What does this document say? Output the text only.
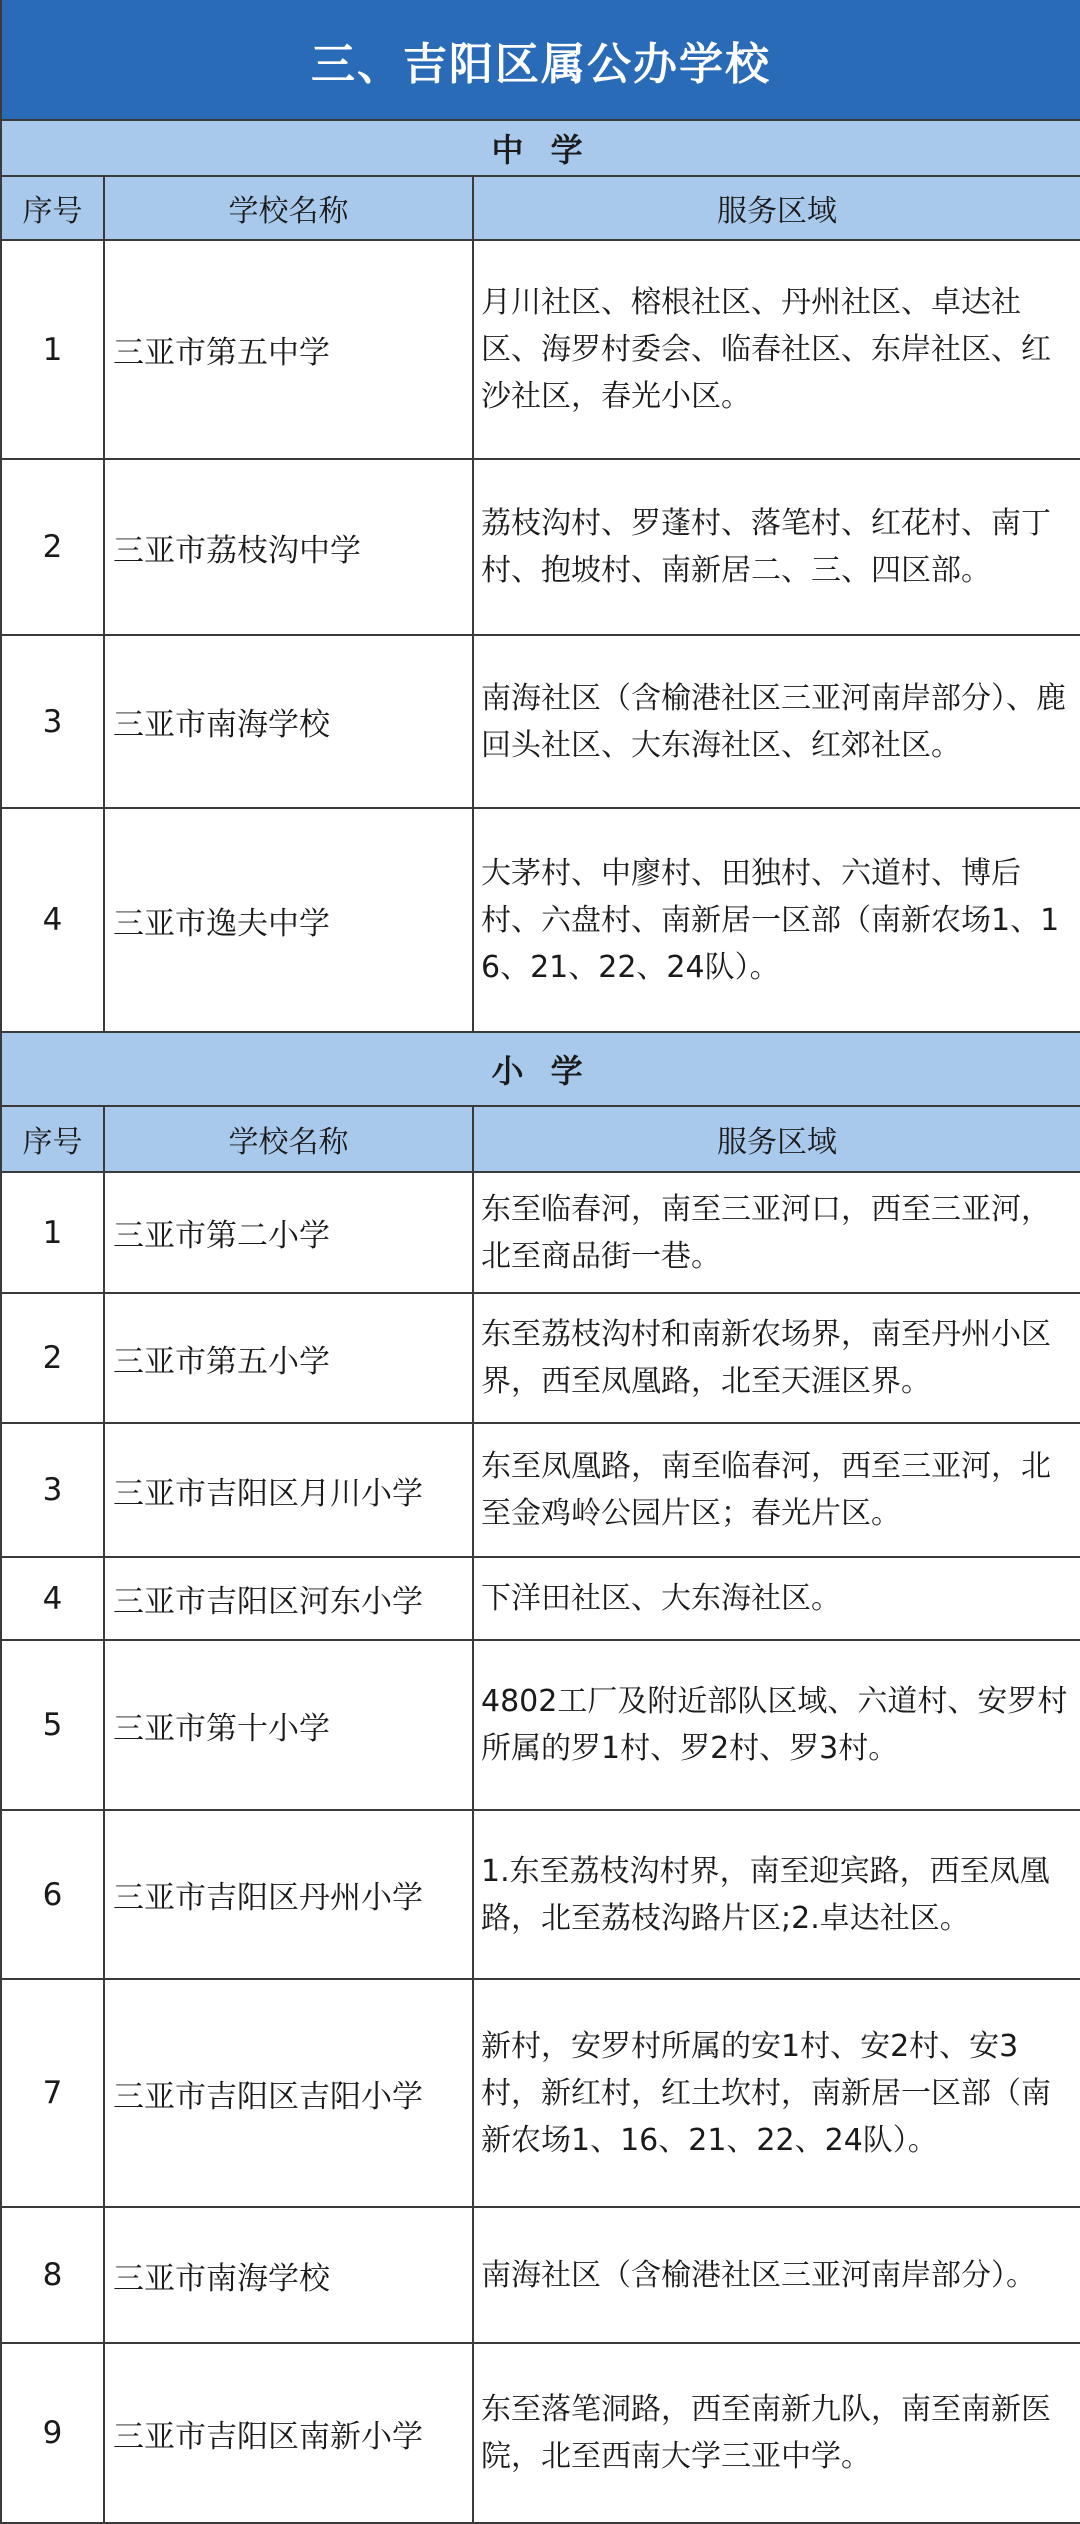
三、吉阳区属公办学校		
中 学		
序号	学校名称	服务区域
1	三亚市第五中学	月川社区、榕根社区、丹州社区、卓达社区、海罗村委会、临春社区、东岸社区、红沙社区，春光小区。
2	三亚市荔枝沟中学	荔枝沟村、罗蓬村、落笔村、红花村、南丁村、抱坡村、南新居二、三、四区部。
3	三亚市南海学校	南海社区（含榆港社区三亚河南岸部分）、鹿回头社区、大东海社区、红郊社区。
4	三亚市逸夫中学	大茅村、中廖村、田独村、六道村、博后村、六盘村、南新居一区部（南新农场1、16、21、22、24队）。
小 学		
序号	学校名称	服务区域
1	三亚市第二小学	东至临春河，南至三亚河口，西至三亚河，北至商品街一巷。
2	三亚市第五小学	东至荔枝沟村和南新农场界，南至丹州小区界，西至凤凰路，北至天涯区界。
3	三亚市吉阳区月川小学	东至凤凰路，南至临春河，西至三亚河，北至金鸡岭公园片区；春光片区。
4	三亚市吉阳区河东小学	下洋田社区、大东海社区。
5	三亚市第十小学	4802工厂及附近部队区域、六道村、安罗村所属的罗1村、罗2村、罗3村。
6	三亚市吉阳区丹州小学	1.东至荔枝沟村界，南至迎宾路，西至凤凰路，北至荔枝沟路片区;2.卓达社区。
7	三亚市吉阳区吉阳小学	新村，安罗村所属的安1村、安2村、安3村，新红村，红土坎村，南新居一区部（南新农场1、16、21、22、24队）。
8	三亚市南海学校	南海社区（含榆港社区三亚河南岸部分）。
9	三亚市吉阳区南新小学	东至落笔洞路，西至南新九队，南至南新医院，北至西南大学三亚中学。
